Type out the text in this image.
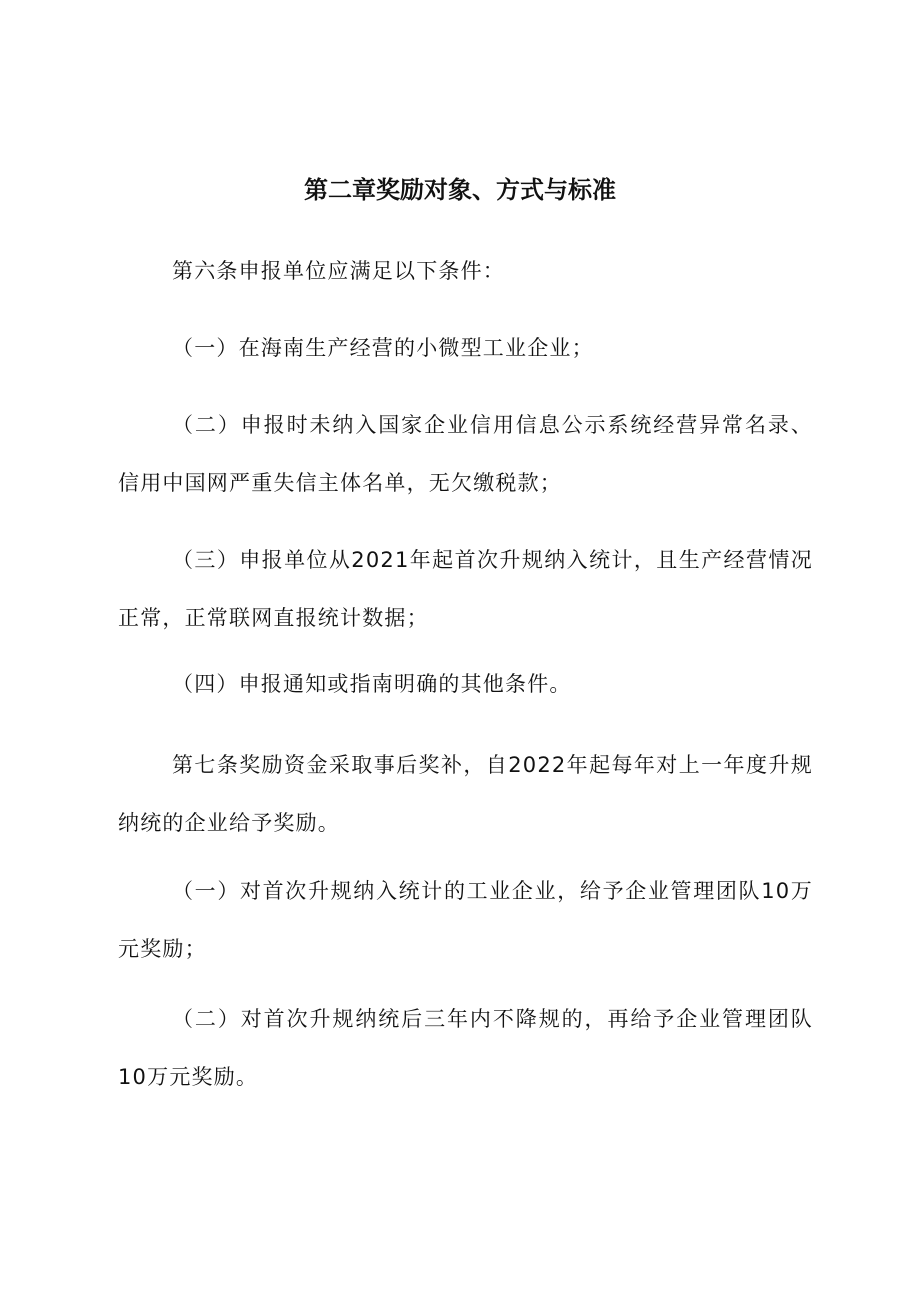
第二章奖励对象、方式与标准

第六条申报单位应满足以下条件：

（一）在海南生产经营的小微型工业企业；

（二）申报时未纳入国家企业信用信息公示系统经营异常名录、信用中国网严重失信主体名单，无欠缴税款；

（三）申报单位从2021年起首次升规纳入统计，且生产经营情况正常，正常联网直报统计数据；

（四）申报通知或指南明确的其他条件。

第七条奖励资金采取事后奖补，自2022年起每年对上一年度升规纳统的企业给予奖励。

（一）对首次升规纳入统计的工业企业，给予企业管理团队10万元奖励；

（二）对首次升规纳统后三年内不降规的，再给予企业管理团队10万元奖励。
